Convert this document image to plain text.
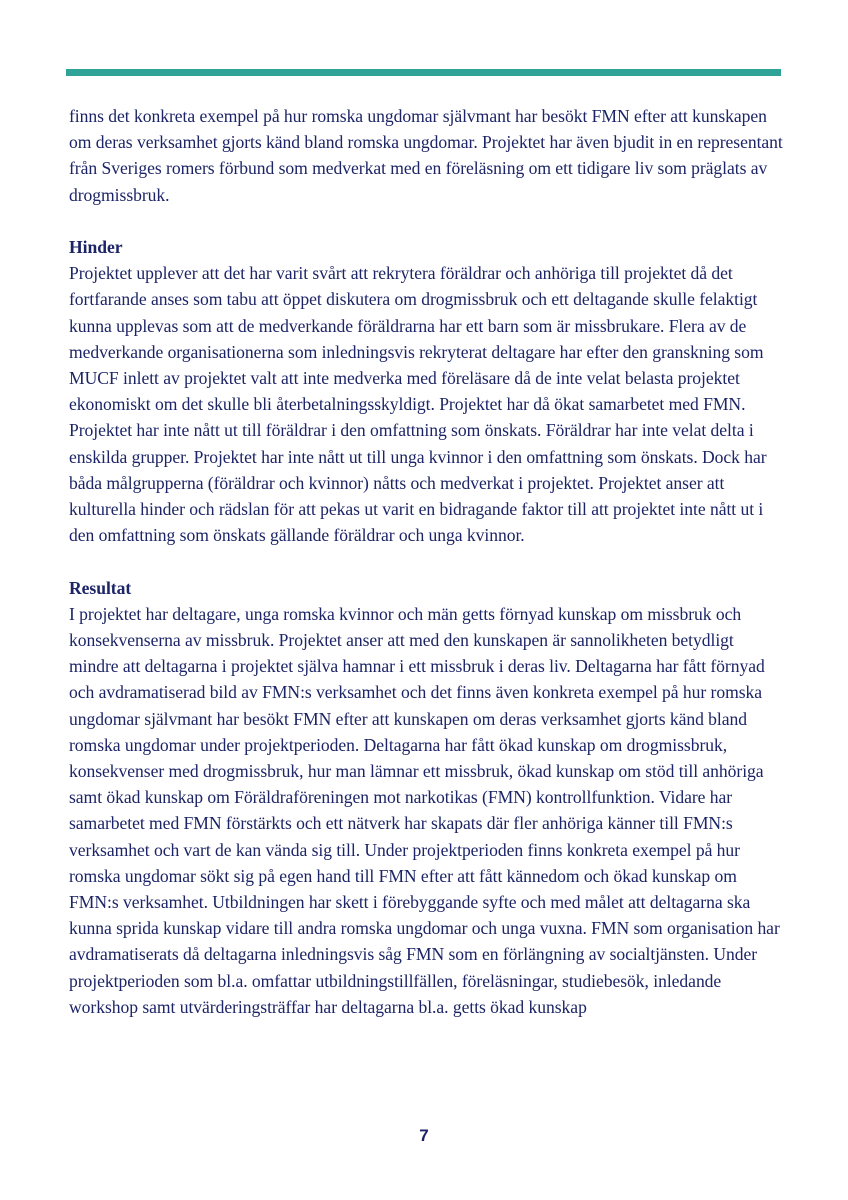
finns det konkreta exempel på hur romska ungdomar självmant har besökt FMN efter att kunskapen om deras verksamhet gjorts känd bland romska ungdomar. Projektet har även bjudit in en representant från Sveriges romers förbund som medverkat med en föreläsning om ett tidigare liv som präglats av drogmissbruk.

Hinder

Projektet upplever att det har varit svårt att rekrytera föräldrar och anhöriga till projektet då det fortfarande anses som tabu att öppet diskutera om drogmissbruk och ett deltagande skulle felaktigt kunna upplevas som att de medverkande föräldrarna har ett barn som är missbrukare. Flera av de medverkande organisationerna som inledningsvis rekryterat deltagare har efter den granskning som MUCF inlett av projektet valt att inte medverka med föreläsare då de inte velat belasta projektet ekonomiskt om det skulle bli återbetalningsskyldigt. Projektet har då ökat samarbetet med FMN. Projektet har inte nått ut till föräldrar i den omfattning som önskats. Föräldrar har inte velat delta i enskilda grupper. Projektet har inte nått ut till unga kvinnor i den omfattning som önskats. Dock har båda målgrupperna (föräldrar och kvinnor) nåtts och medverkat i projektet. Projektet anser att kulturella hinder och rädslan för att pekas ut varit en bidragande faktor till att projektet inte nått ut i den omfattning som önskats gällande föräldrar och unga kvinnor.

Resultat

I projektet har deltagare, unga romska kvinnor och män getts förnyad kunskap om missbruk och konsekvenserna av missbruk. Projektet anser att med den kunskapen är sannolikheten betydligt mindre att deltagarna i projektet själva hamnar i ett missbruk i deras liv. Deltagarna har fått förnyad och avdramatiserad bild av FMN:s verksamhet och det finns även konkreta exempel på hur romska ungdomar självmant har besökt FMN efter att kunskapen om deras verksamhet gjorts känd bland romska ungdomar under projektperioden. Deltagarna har fått ökad kunskap om drogmissbruk, konsekvenser med drogmissbruk, hur man lämnar ett missbruk, ökad kunskap om stöd till anhöriga samt ökad kunskap om Föräldraföreningen mot narkotikas (FMN) kontrollfunktion. Vidare har samarbetet med FMN förstärkts och ett nätverk har skapats där fler anhöriga känner till FMN:s verksamhet och vart de kan vända sig till. Under projektperioden finns konkreta exempel på hur romska ungdomar sökt sig på egen hand till FMN efter att fått kännedom och ökad kunskap om FMN:s verksamhet. Utbildningen har skett i förebyggande syfte och med målet att deltagarna ska kunna sprida kunskap vidare till andra romska ungdomar och unga vuxna. FMN som organisation har avdramatiserats då deltagarna inledningsvis såg FMN som en förlängning av socialtjänsten. Under projektperioden som bl.a. omfattar utbildningstillfällen, föreläsningar, studiebesök, inledande workshop samt utvärderingsträffar har deltagarna bl.a. getts ökad kunskap

7
